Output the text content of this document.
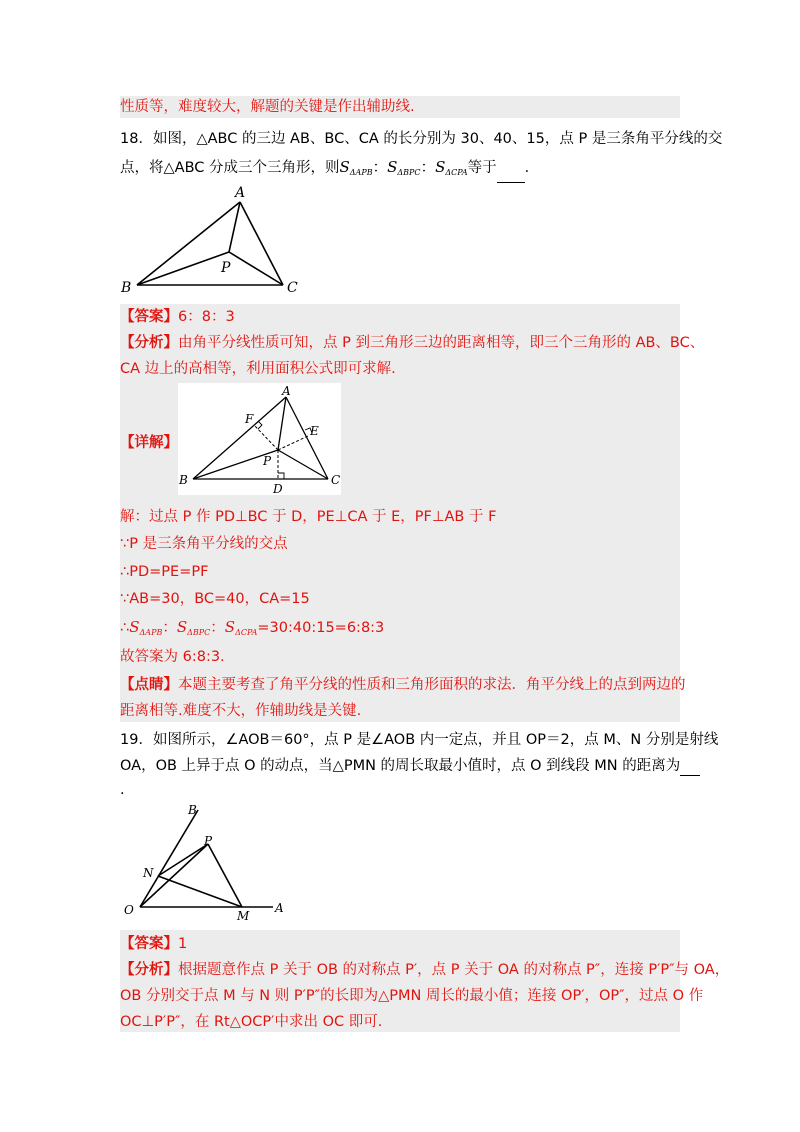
性质等，难度较大，解题的关键是作出辅助线.
18．如图，△ABC 的三边 AB、BC、CA 的长分别为 30、40、15，点 P 是三条角平分线的交
点，将△ABC 分成三个三角形，则$S_{\Delta APB}$：$S_{\Delta BPC}$：$S_{\Delta CPA}$等于 ．
A
B	C
P
【答案】6：8：3
【分析】由角平分线性质可知，点 P 到三角形三边的距离相等，即三个三角形的 AB、BC、
CA 边上的高相等，利用面积公式即可求解.
【详解】
A
F
E
P
B	C
D
解：过点 P 作 PD⊥BC 于 D，PE⊥CA 于 E，PF⊥AB 于 F
∵P 是三条角平分线的交点
∴PD=PE=PF
∵AB=30，BC=40，CA=15
$\therefore S_{\Delta APB}$：$S_{\Delta BPC}$：$S_{\Delta CPA}=30:40:15=6:8:3$
故答案为 6:8:3.
【点睛】本题主要考查了角平分线的性质和三角形面积的求法．角平分线上的点到两边的
距离相等.难度不大，作辅助线是关键.
19．如图所示，∠AOB＝60°，点 P 是∠AOB 内一定点，并且 OP＝2，点 M、N 分别是射线
OA，OB 上异于点 O 的动点，当△PMN 的周长取最小值时，点 O 到线段 MN 的距离为
.
B
P
N
O	M
A
【答案】1
【分析】根据题意作点 P 关于 OB 的对称点 P′，点 P 关于 OA 的对称点 P″，连接 P′P″与 OA，
OB 分别交于点 M 与 N 则 P′P″的长即为△PMN 周长的最小值；连接 OP′，OP″，过点 O 作
OC⊥P′P″，在 Rt△OCP′中求出 OC 即可.
